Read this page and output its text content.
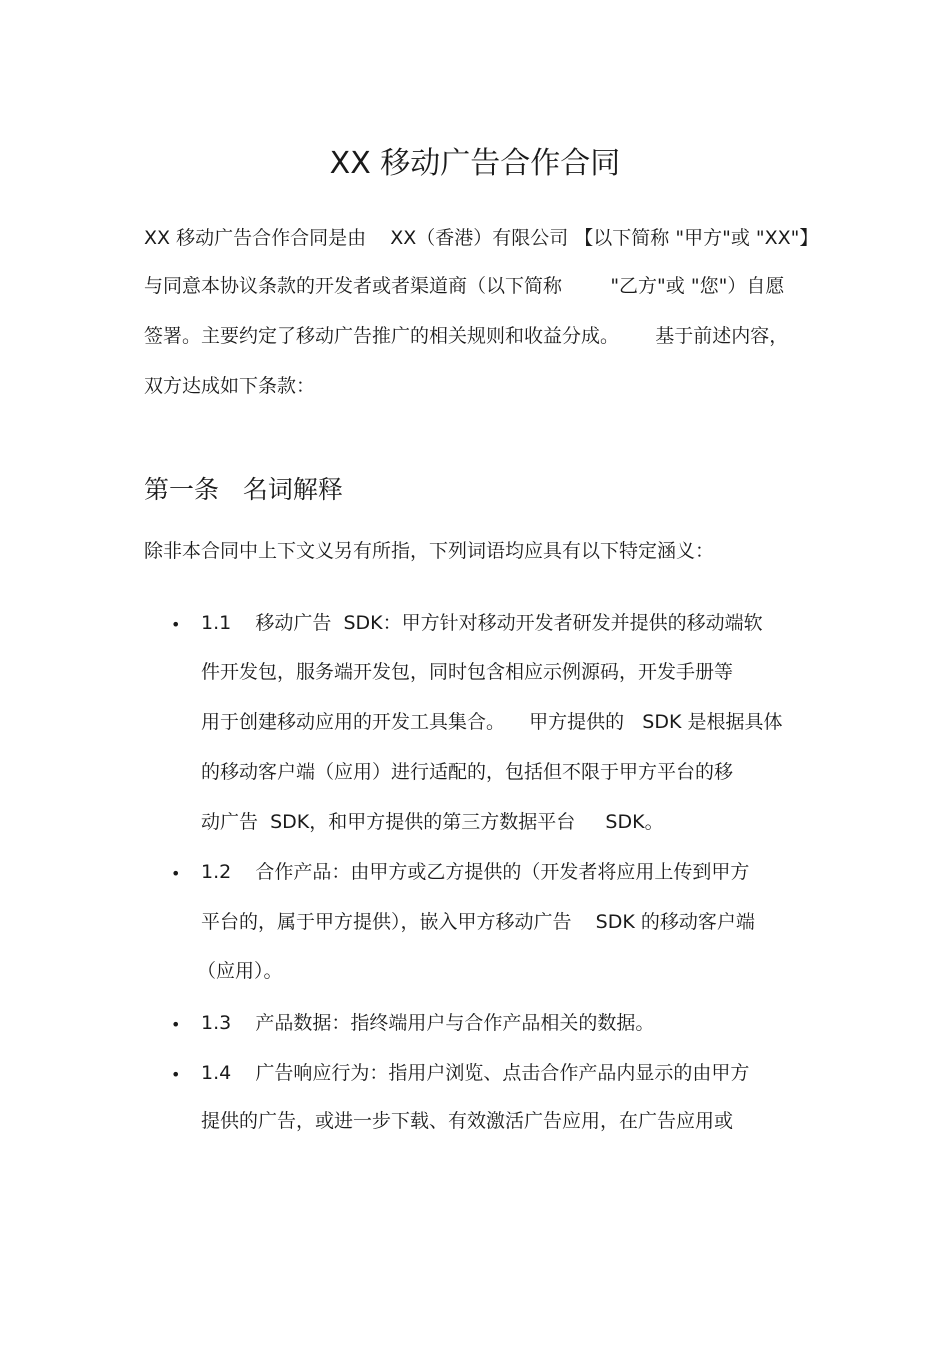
XX 移动广告合作合同
XX 移动广告合作合同是由    XX（香港）有限公司 【以下简称 "甲方"或 "XX"】
与同意本协议条款的开发者或者渠道商（以下简称        "乙方"或 "您"）自愿
签署。主要约定了移动广告推广的相关规则和收益分成。      基于前述内容，
双方达成如下条款：
第一条   名词解释
除非本合同中上下文义另有所指，下列词语均应具有以下特定涵义：
• 1.1    移动广告  SDK：甲方针对移动开发者研发并提供的移动端软
件开发包，服务端开发包，同时包含相应示例源码，开发手册等
用于创建移动应用的开发工具集合。    甲方提供的   SDK 是根据具体
的移动客户端（应用）进行适配的，包括但不限于甲方平台的移
动广告  SDK，和甲方提供的第三方数据平台     SDK。
• 1.2    合作产品：由甲方或乙方提供的（开发者将应用上传到甲方
平台的，属于甲方提供），嵌入甲方移动广告    SDK 的移动客户端
（应用）。
• 1.3    产品数据：指终端用户与合作产品相关的数据。
• 1.4    广告响应行为：指用户浏览、点击合作产品内显示的由甲方
提供的广告，或进一步下载、有效激活广告应用，在广告应用或
